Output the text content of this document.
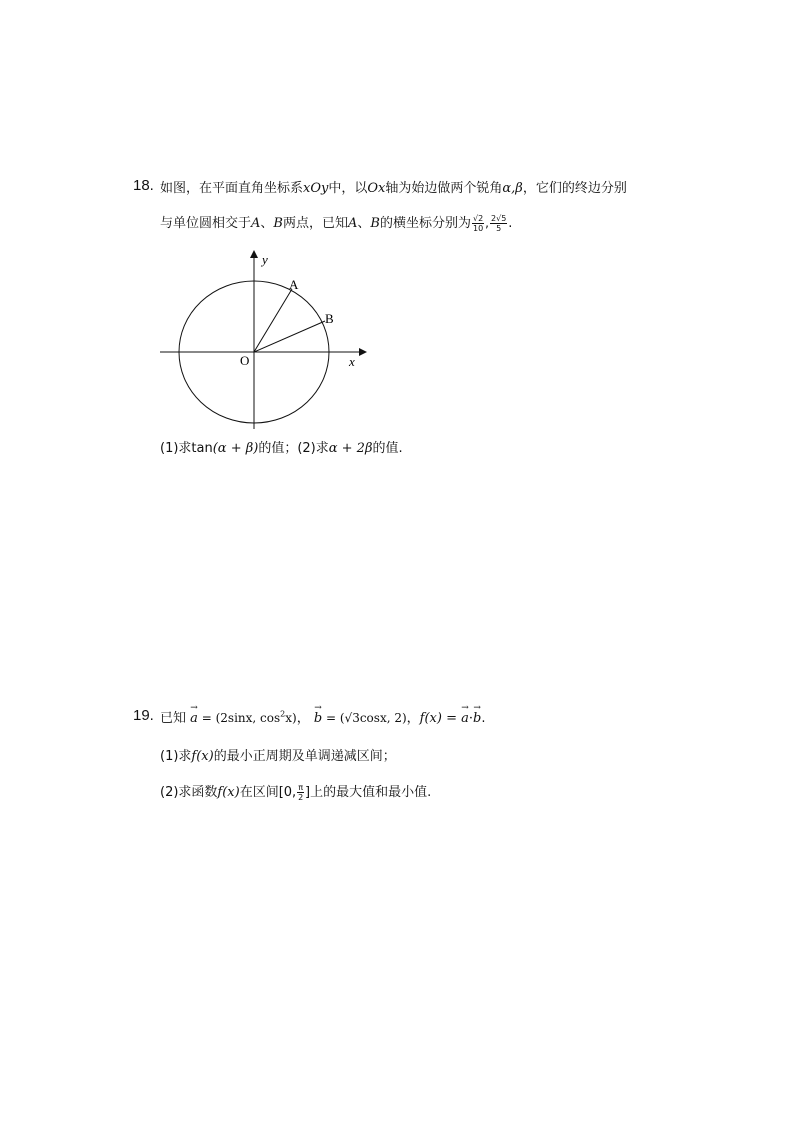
18. 如图，在平面直角坐标系xOy中，以Ox轴为始边做两个锐角α,β，它们的终边分别
与单位圆相交于A、B两点，已知A、B的横坐标分别为 $\frac{√2}{10}$ , $\frac{2√5}{5}$ .
y
x
O
A
B
(1)求tan(α + β)的值；(2)求α + 2β的值.
19. 已知 → a = (2sinx, $\cos^2x$)， → b = (√3cosx, 2)，f(x) = → a·→ b.
(1)求f(x)的最小正周期及单调递减区间；
(2)求函数f(x)在区间[0, $\frac{\pi}{2}$ ]上的最大值和最小值.
